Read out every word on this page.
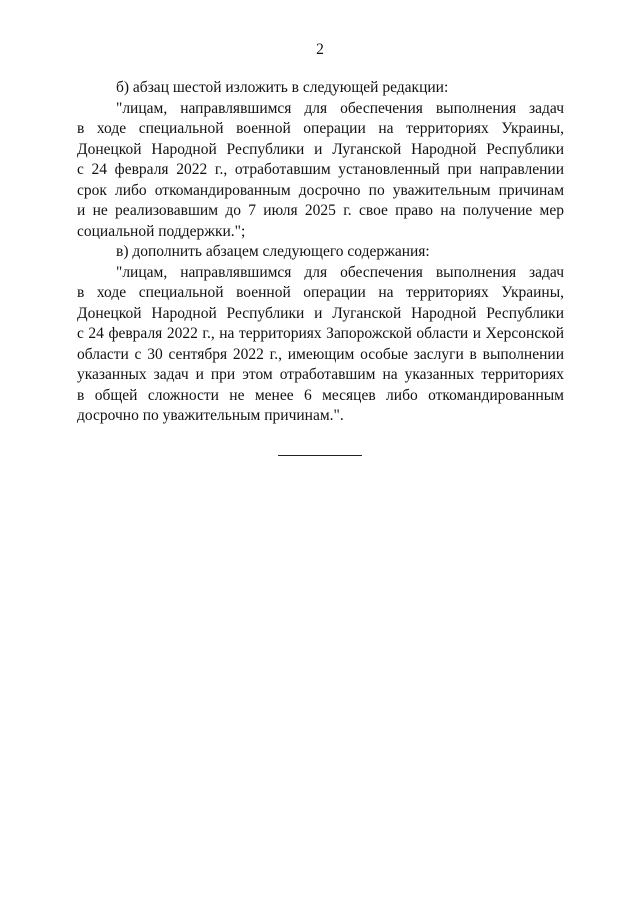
2
б) абзац шестой изложить в следующей редакции:
"лицам, направлявшимся для обеспечения выполнения задач
в ходе специальной военной операции на территориях Украины,
Донецкой Народной Республики и Луганской Народной Республики
с 24 февраля 2022 г., отработавшим установленный при направлении
срок либо откомандированным досрочно по уважительным причинам
и не реализовавшим до 7 июля 2025 г. свое право на получение мер
социальной поддержки.";
в) дополнить абзацем следующего содержания:
"лицам, направлявшимся для обеспечения выполнения задач
в ходе специальной военной операции на территориях Украины,
Донецкой Народной Республики и Луганской Народной Республики
с 24 февраля 2022 г., на территориях Запорожской области и Херсонской
области с 30 сентября 2022 г., имеющим особые заслуги в выполнении
указанных задач и при этом отработавшим на указанных территориях
в общей сложности не менее 6 месяцев либо откомандированным
досрочно по уважительным причинам.".
